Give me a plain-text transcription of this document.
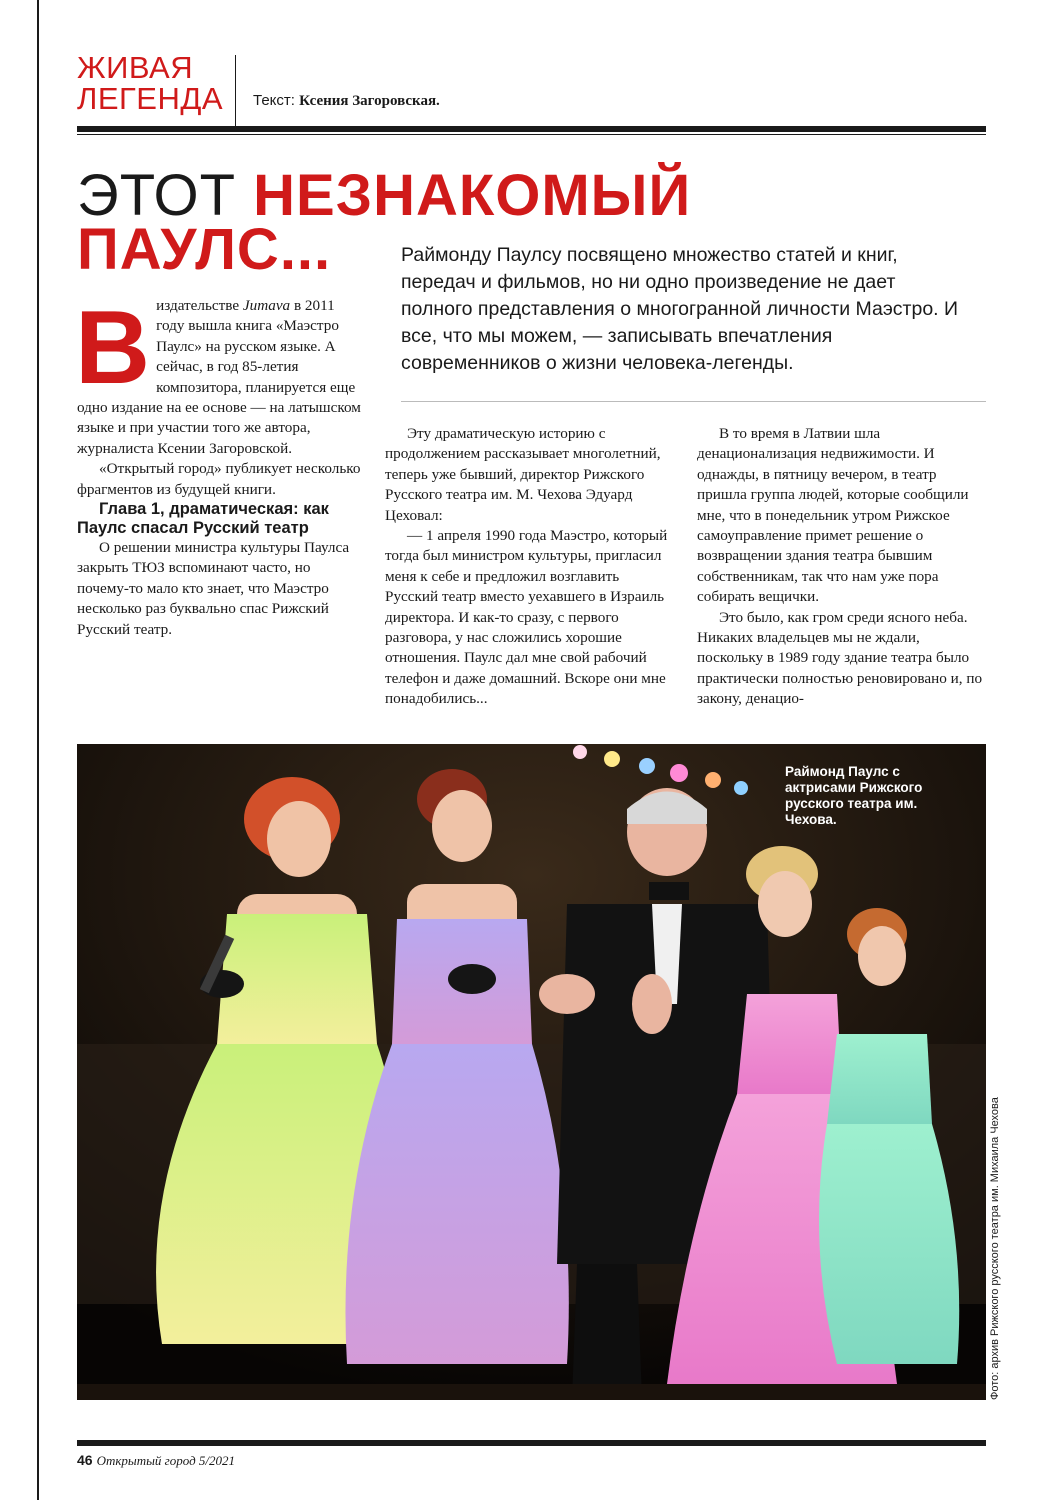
ЖИВАЯ
ЛЕГЕНДА	Текст: Ксения Загоровская.
ЭТОТ НЕЗНАКОМЫЙ
ПАУЛС...	Раймонду Паулсу посвящено множество статей и книг, передач и фильмов, но ни одно произведение не дает полного представления о многогранной личности Маэстро. И все, что мы можем, — записывать впечатления современников о жизни человека-легенды.

Виздательстве Jumava в 2011 году вышла книга «Маэстро Паулс» на русском языке. А сейчас, в год 85-летия композитора, планируется еще одно издание на ее основе — на латышском языке и при участии того же автора, журналиста Ксении Загоровской.

«Открытый город» публикует несколько фрагментов из будущей книги.

Глава 1, драматическая: как Паулс спасал Русский театр

О решении министра культуры Паулса закрыть ТЮЗ вспоминают часто, но почему-то мало кто знает, что Маэстро несколько раз буквально спас Рижский Русский театр.

Эту драматическую историю с продолжением рассказывает многолетний, теперь уже бывший, директор Рижского Русского театра им. М. Чехова Эдуард Цеховал:

— 1 апреля 1990 года Маэстро, который тогда был министром культуры, пригласил меня к себе и предложил возглавить Русский театр вместо уехавшего в Израиль директора. И как-то сразу, с первого разговора, у нас сложились хорошие отношения. Паулс дал мне свой рабочий телефон и даже домашний. Вскоре они мне понадобились...

В то время в Латвии шла денационализация недвижимости. И однажды, в пятницу вечером, в театр пришла группа людей, которые сообщили мне, что в понедельник утром Рижское самоуправление примет решение о возвращении здания театра бывшим собственникам, так что нам уже пора собирать вещички.

Это было, как гром среди ясного неба. Никаких владельцев мы не ждали, поскольку в 1989 году здание театра было практически полностью реновировано и, по закону, денацио-

Раймонд Паулс с актрисами Рижского русского театра им. Чехова.
Фото: архив Рижского русского театра им. Михаила Чехова
46 Открытый город 5/2021
